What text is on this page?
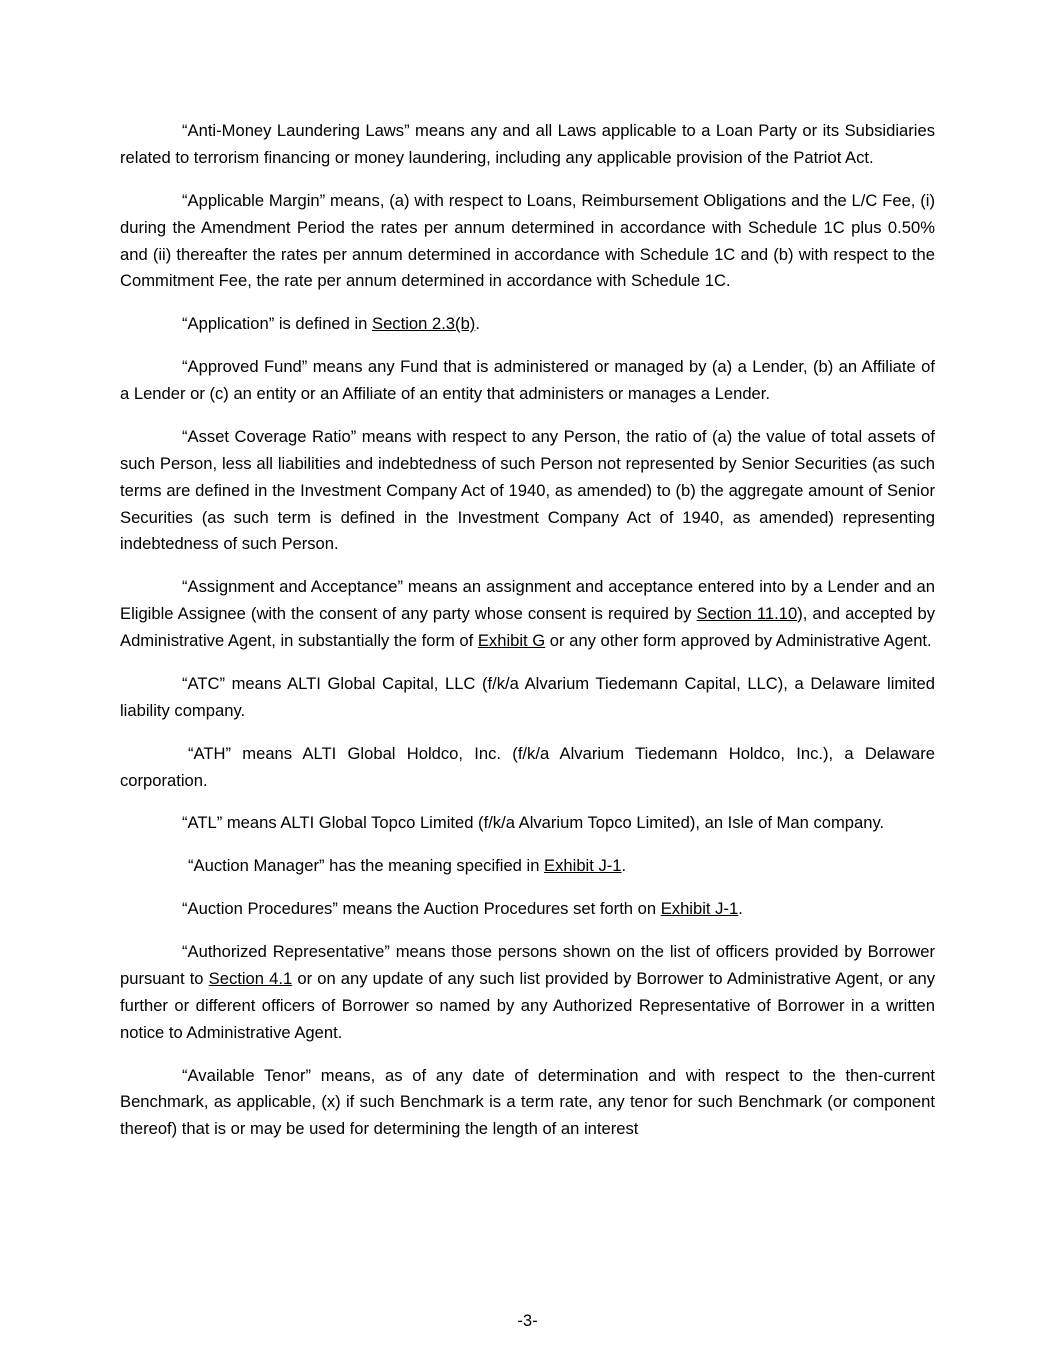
“Anti-Money Laundering Laws” means any and all Laws applicable to a Loan Party or its Subsidiaries related to terrorism financing or money laundering, including any applicable provision of the Patriot Act.

“Applicable Margin” means, (a) with respect to Loans, Reimbursement Obligations and the L/C Fee, (i) during the Amendment Period the rates per annum determined in accordance with Schedule 1C plus 0.50% and (ii) thereafter the rates per annum determined in accordance with Schedule 1C and (b) with respect to the Commitment Fee, the rate per annum determined in accordance with Schedule 1C.

“Application” is defined in Section 2.3(b).

“Approved Fund” means any Fund that is administered or managed by (a) a Lender, (b) an Affiliate of a Lender or (c) an entity or an Affiliate of an entity that administers or manages a Lender.

“Asset Coverage Ratio” means with respect to any Person, the ratio of (a) the value of total assets of such Person, less all liabilities and indebtedness of such Person not represented by Senior Securities (as such terms are defined in the Investment Company Act of 1940, as amended) to (b) the aggregate amount of Senior Securities (as such term is defined in the Investment Company Act of 1940, as amended) representing indebtedness of such Person.

“Assignment and Acceptance” means an assignment and acceptance entered into by a Lender and an Eligible Assignee (with the consent of any party whose consent is required by Section 11.10), and accepted by Administrative Agent, in substantially the form of Exhibit G or any other form approved by Administrative Agent.

“ATC” means ALTI Global Capital, LLC (f/k/a Alvarium Tiedemann Capital, LLC), a Delaware limited liability company.

“ATH” means ALTI Global Holdco, Inc. (f/k/a Alvarium Tiedemann Holdco, Inc.), a Delaware corporation.

“ATL” means ALTI Global Topco Limited (f/k/a Alvarium Topco Limited), an Isle of Man company.

“Auction Manager” has the meaning specified in Exhibit J-1.

“Auction Procedures” means the Auction Procedures set forth on Exhibit J-1.

“Authorized Representative” means those persons shown on the list of officers provided by Borrower pursuant to Section 4.1 or on any update of any such list provided by Borrower to Administrative Agent, or any further or different officers of Borrower so named by any Authorized Representative of Borrower in a written notice to Administrative Agent.

“Available Tenor” means, as of any date of determination and with respect to the then-current Benchmark, as applicable, (x) if such Benchmark is a term rate, any tenor for such Benchmark (or component thereof) that is or may be used for determining the length of an interest

-3-
